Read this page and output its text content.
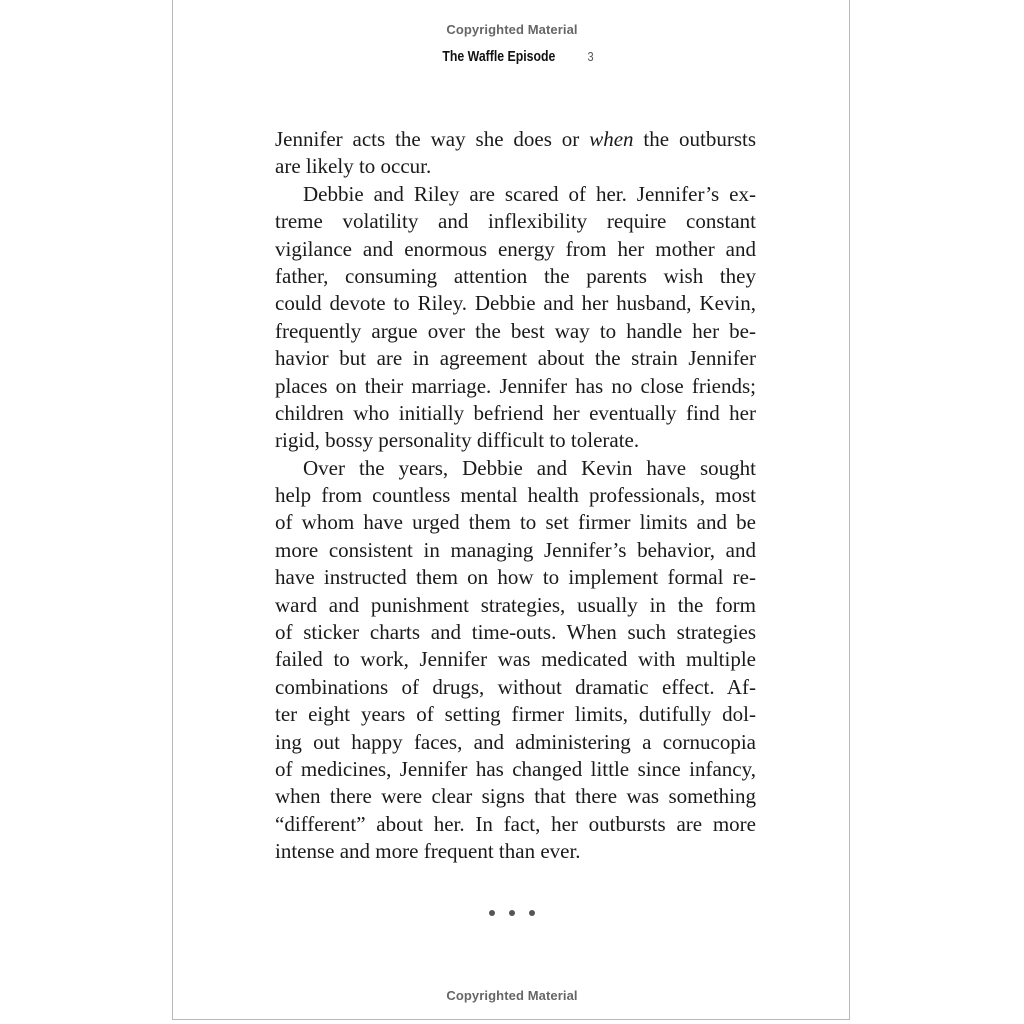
Copyrighted Material
The Waffle Episode 3
Jennifer acts the way she does or when the outbursts
are likely to occur.
Debbie and Riley are scared of her. Jennifer’s ex-
treme volatility and inflexibility require constant
vigilance and enormous energy from her mother and
father, consuming attention the parents wish they
could devote to Riley. Debbie and her husband, Kevin,
frequently argue over the best way to handle her be-
havior but are in agreement about the strain Jennifer
places on their marriage. Jennifer has no close friends;
children who initially befriend her eventually find her
rigid, bossy personality difficult to tolerate.
Over the years, Debbie and Kevin have sought
help from countless mental health professionals, most
of whom have urged them to set firmer limits and be
more consistent in managing Jennifer’s behavior, and
have instructed them on how to implement formal re-
ward and punishment strategies, usually in the form
of sticker charts and time-outs. When such strategies
failed to work, Jennifer was medicated with multiple
combinations of drugs, without dramatic effect. Af-
ter eight years of setting firmer limits, dutifully dol-
ing out happy faces, and administering a cornucopia
of medicines, Jennifer has changed little since infancy,
when there were clear signs that there was something
“different” about her. In fact, her outbursts are more
intense and more frequent than ever.
Copyrighted Material
